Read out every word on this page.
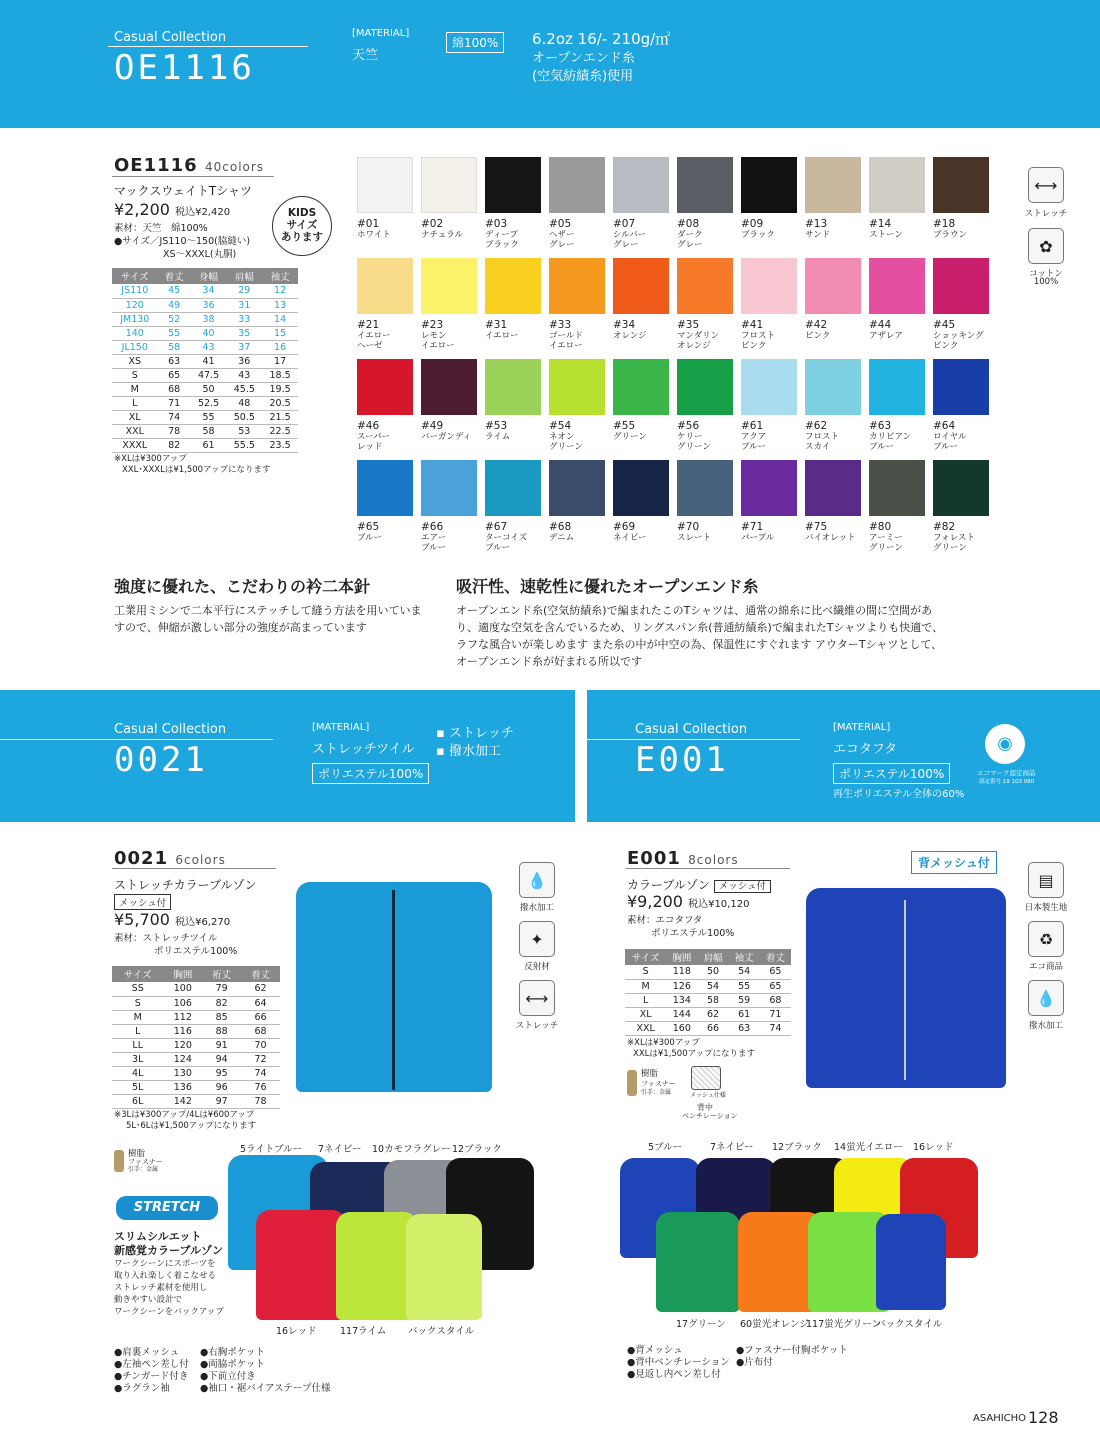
Casual Collection
OE1116
[MATERIAL]
天竺
綿100%	6.2oz 16/- 210g/㎡
オープンエンド糸
(空気紡績糸)使用
OE1116 40colors
マックスウェイトTシャツ
¥2,200 税込¥2,420
素材：天竺　綿100%
●サイズ／JS110～150(脇縫い)
XS～XXXL(丸胴)
KIDS
サイズ
あります
サイズ	着丈	身幅	肩幅	袖丈
JS110	45	34	29	12
120	49	36	31	13
JM130	52	38	33	14
140	55	40	35	15
JL150	58	43	37	16
XS	63	41	36	17
S	65	47.5	43	18.5
M	68	50	45.5	19.5
L	71	52.5	48	20.5
XL	74	55	50.5	21.5
XXL	78	58	53	22.5
XXXL	82	61	55.5	23.5
※XLは¥300アップ
XXL･XXXLは¥1,500アップになります
#01
ホワイト
#02
ナチュラル
#03
ディープ
ブラック
#05
ヘザー
グレー
#07
シルバー
グレー
#08
ダーク
グレー
#09
ブラック
#13
サンド
#14
ストーン
#18
ブラウン
#21
イエロー
ヘーゼ
#23
レモン
イエロー
#31
イエロー
#33
ゴールド
イエロー
#34
オレンジ
#35
マンダリン
オレンジ
#41
フロスト
ピンク
#42
ピンク
#44
アザレア
#45
ショッキング
ピンク
#46
スーパー
レッド
#49
バーガンディ
#53
ライム
#54
ネオン
グリーン
#55
グリーン
#56
ケリー
グリーン
#61
アクア
ブルー
#62
フロスト
スカイ
#63
カリビアン
ブルー
#64
ロイヤル
ブルー
#65
ブルー
#66
エアー
ブルー
#67
ターコイズ
ブルー
#68
デニム
#69
ネイビー
#70
スレート
#71
パープル
#75
バイオレット
#80
アーミー
グリーン
#82
フォレスト
グリーン
⟷
ストレッチ
✿
コットン
100%
強度に優れた、こだわりの衿二本針
工業用ミシンで二本平行にステッチして縫う方法を用いていますので、伸縮が激しい部分の強度が高まっています
吸汗性、速乾性に優れたオープンエンド糸
オープンエンド糸(空気紡績糸)で編まれたこのTシャツは、通常の綿糸に比べ繊維の間に空間があり、適度な空気を含んでいるため、リングスパン糸(普通紡績糸)で編まれたTシャツよりも快適で、ラフな風合いが楽しめます また糸の中が中空の為、保温性にすぐれます アウターTシャツとして、オープンエンド糸が好まれる所以です
Casual Collection
0021
[MATERIAL]
ストレッチツイル
ポリエステル100%
▪ ストレッチ
▪ 撥水加工
Casual Collection
E001
[MATERIAL]
エコタフタ
ポリエステル100%
再生ポリエステル全体の60%
◉
エコマーク認定商品
認定番号 19 103 080
0021 6colors
ストレッチカラーブルゾン
メッシュ付
¥5,700 税込¥6,270
素材：ストレッチツイル
ポリエステル100%
サイズ	胸囲	裄丈	着丈
SS	100	79	62
S	106	82	64
M	112	85	66
L	116	88	68
LL	120	91	70
3L	124	94	72
4L	130	95	74
5L	136	96	76
6L	142	97	78
※3Lは¥300アップ/4Lは¥600アップ
5L･6Lは¥1,500アップになります
💧
撥水加工
✦
反射材
⟷
ストレッチ
樹脂
ファスナー
引手：金属
STRETCH
スリムシルエット
新感覚カラーブルゾン
ワークシーンにスポーツを
取り入れ楽しく着こなせる
ストレッチ素材を使用し
動きやすい設計で
ワークシーンをバックアップ
5ライトブルー 7ネイビー 10カモフラグレー 12ブラック
16レッド 117ライム バックスタイル
●肩裏メッシュ
●左袖ペン差し付
●チンガード付き
●ラグラン袖
●右胸ポケット
●両脇ポケット
●下前立付き
●袖口・裾バイアステープ仕様
E001 8colors	背メッシュ付
カラーブルゾン メッシュ付
¥9,200 税込¥10,120
素材：エコタフタ
ポリエステル100%
サイズ	胸囲	肩幅	袖丈	着丈
S	118	50	54	65
M	126	54	55	65
L	134	58	59	68
XL	144	62	61	71
XXL	160	66	63	74
※XLは¥300アップ
XXLは¥1,500アップになります
樹脂
ファスナー
引手：金属	メッシュ仕様
背中
ベンチレーション
▤
日本製生地
♻
エコ商品
💧
撥水加工
5ブルー	7ネイビー 12ブラック 14蛍光イエロー 16レッド
17グリーン 60蛍光オレンジ
117蛍光グリーン
バックスタイル
●背メッシュ
●背中ベンチレーション
●見返し内ペン差し付
●ファスナー付胸ポケット
●片布付
ASAHICHO 128
